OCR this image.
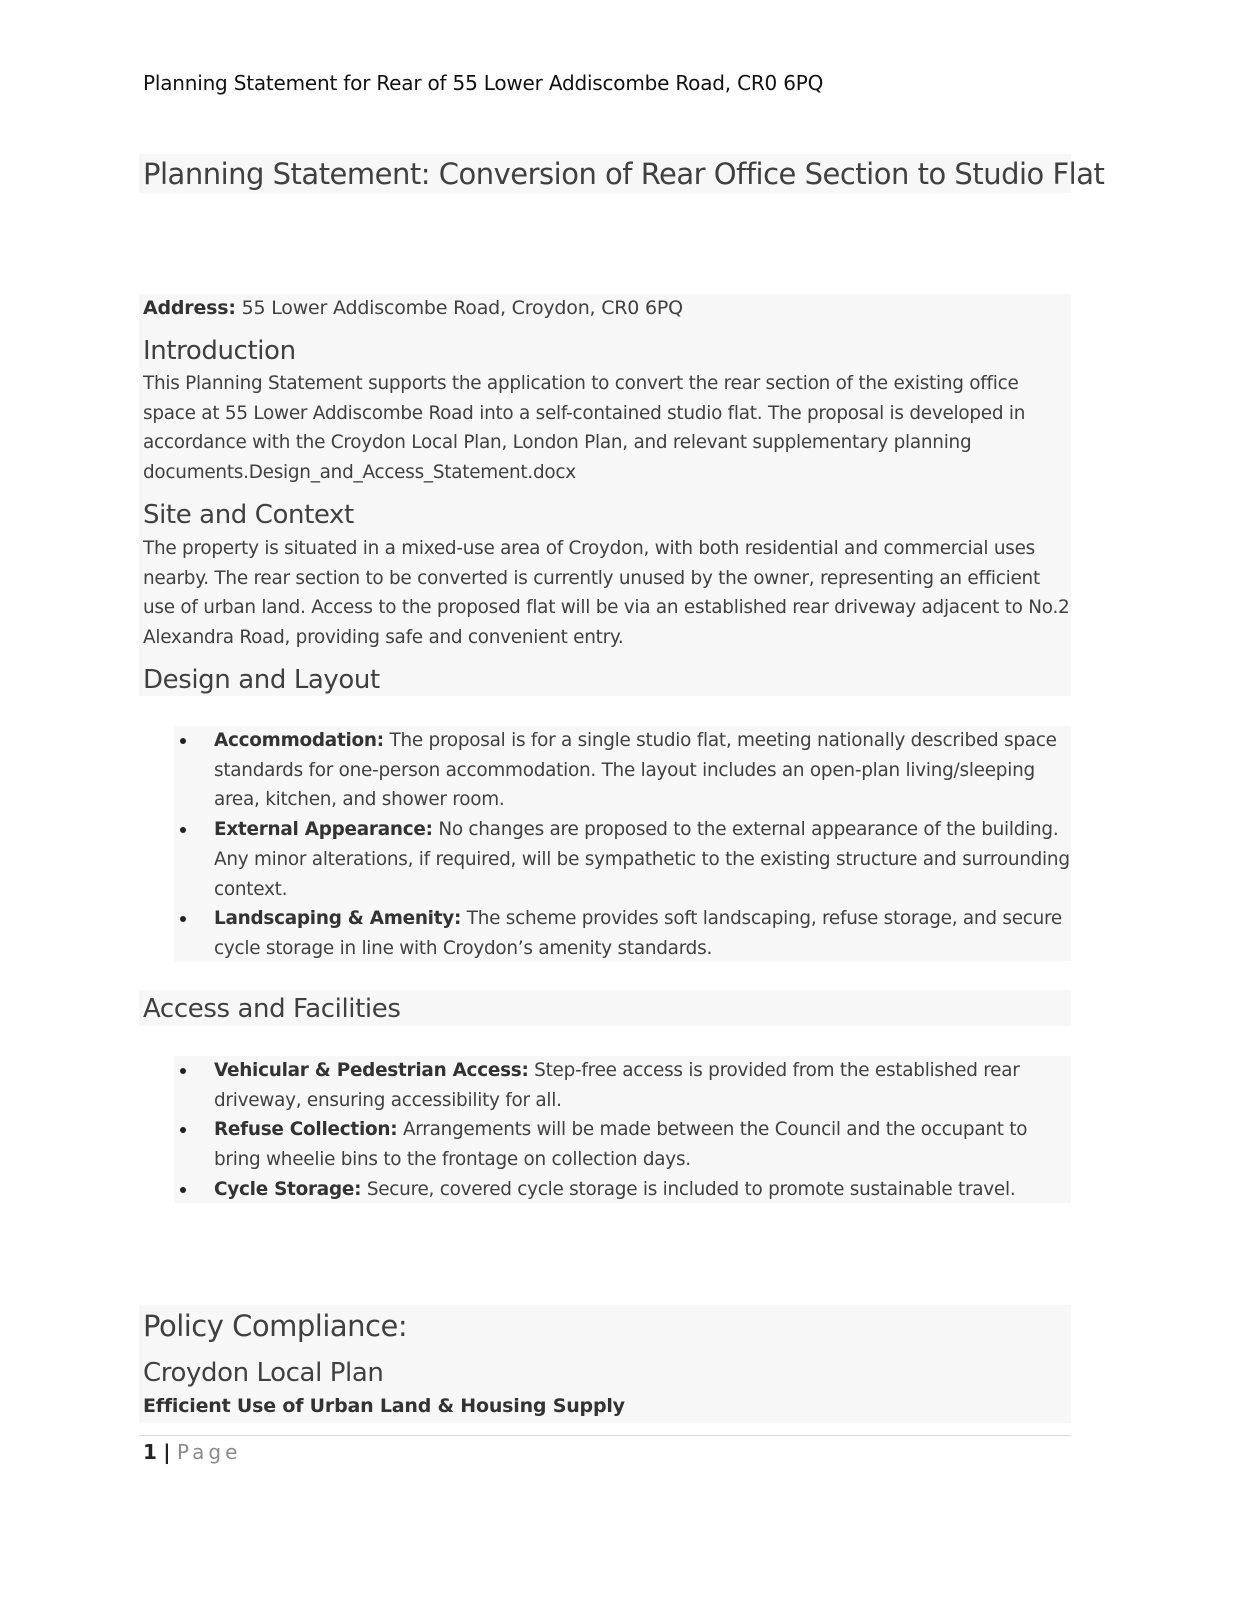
Planning Statement for Rear of 55 Lower Addiscombe Road, CR0 6PQ
Planning Statement: Conversion of Rear Office Section to Studio Flat
Address: 55 Lower Addiscombe Road, Croydon, CR0 6PQ
Introduction
This Planning Statement supports the application to convert the rear section of the existing office space at 55 Lower Addiscombe Road into a self-contained studio flat. The proposal is developed in accordance with the Croydon Local Plan, London Plan, and relevant supplementary planning documents.Design_and_Access_Statement.docx
Site and Context
The property is situated in a mixed-use area of Croydon, with both residential and commercial uses nearby. The rear section to be converted is currently unused by the owner, representing an efficient use of urban land. Access to the proposed flat will be via an established rear driveway adjacent to No.2 Alexandra Road, providing safe and convenient entry.
Design and Layout
Accommodation: The proposal is for a single studio flat, meeting nationally described space standards for one-person accommodation. The layout includes an open-plan living/sleeping area, kitchen, and shower room.
External Appearance: No changes are proposed to the external appearance of the building. Any minor alterations, if required, will be sympathetic to the existing structure and surrounding context.
Landscaping & Amenity: The scheme provides soft landscaping, refuse storage, and secure cycle storage in line with Croydon’s amenity standards.
Access and Facilities
Vehicular & Pedestrian Access: Step-free access is provided from the established rear driveway, ensuring accessibility for all.
Refuse Collection: Arrangements will be made between the Council and the occupant to bring wheelie bins to the frontage on collection days.
Cycle Storage: Secure, covered cycle storage is included to promote sustainable travel.
Policy Compliance:
Croydon Local Plan
Efficient Use of Urban Land & Housing Supply
1 | Page
